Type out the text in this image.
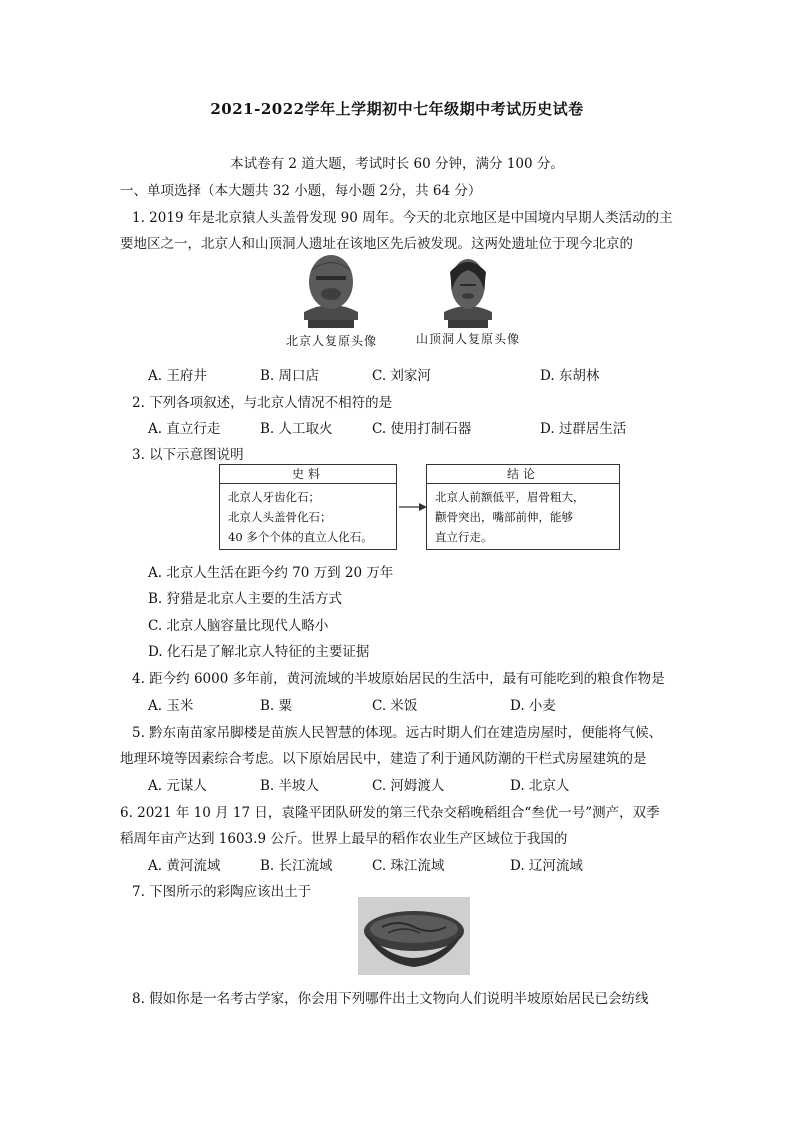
2021-2022学年上学期初中七年级期中考试历史试卷
本试卷有 2 道大题，考试时长 60 分钟，满分 100 分。
一、单项选择（本大题共 32 小题，每小题 2分，共 64 分）
1. 2019 年是北京猿人头盖骨发现 90 周年。今天的北京地区是中国境内早期人类活动的主
要地区之一，北京人和山顶洞人遗址在该地区先后被发现。这两处遗址位于现今北京的
北京人复原头像	山顶洞人复原头像
A. 王府井	B. 周口店	C. 刘家河	D. 东胡林
2. 下列各项叙述，与北京人情况不相符的是
A. 直立行走	B. 人工取火	C. 使用打制石器	D. 过群居生活
3. 以下示意图说明
史料
北京人牙齿化石；
北京人头盖骨化石；
40 多个个体的直立人化石。
结论
北京人前额低平，眉骨粗大，
颧骨突出，嘴部前伸，能够
直立行走。
A. 北京人生活在距今约 70 万到 20 万年
B. 狩猎是北京人主要的生活方式
C. 北京人脑容量比现代人略小
D. 化石是了解北京人特征的主要证据
4. 距今约 6000 多年前，黄河流域的半坡原始居民的生活中，最有可能吃到的粮食作物是
A. 玉米	B. 粟	C. 米饭	D. 小麦
5. 黔东南苗家吊脚楼是苗族人民智慧的体现。远古时期人们在建造房屋时，便能将气候、
地理环境等因素综合考虑。以下原始居民中，建造了利于通风防潮的干栏式房屋建筑的是
A. 元谋人	B. 半坡人	C. 河姆渡人	D. 北京人
6. 2021 年 10 月 17 日，袁隆平团队研发的第三代杂交稻晚稻组合“叁优一号”测产，双季
稻周年亩产达到 1603.9 公斤。世界上最早的稻作农业生产区域位于我国的
A. 黄河流域	B. 长江流域	C. 珠江流域	D. 辽河流域
7. 下图所示的彩陶应该出土于
8. 假如你是一名考古学家，你会用下列哪件出土文物向人们说明半坡原始居民已会纺线
